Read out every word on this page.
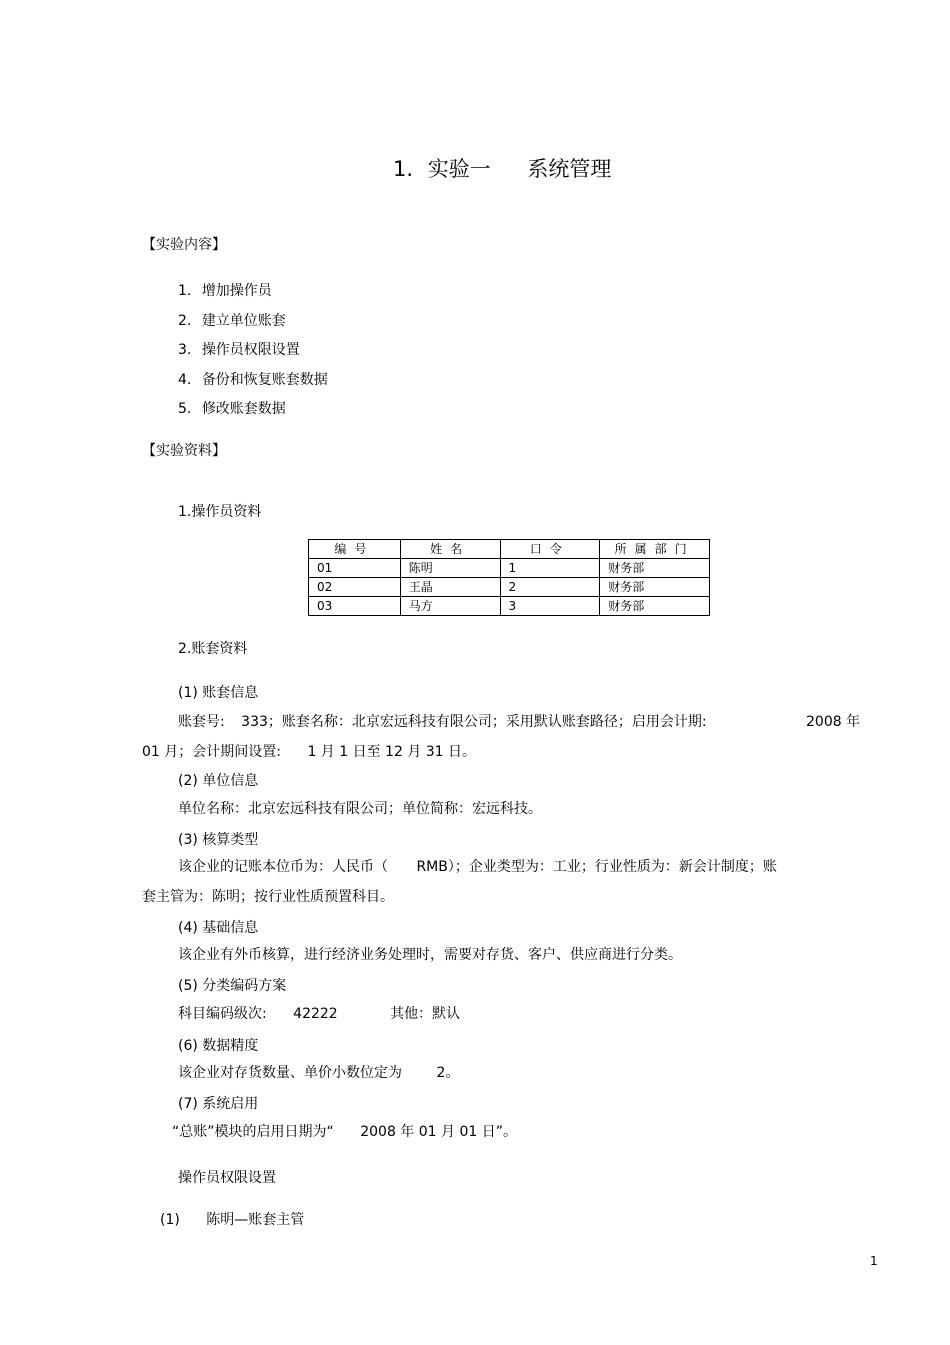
1. 实验一 系统管理
【实验内容】
1. 增加操作员
2. 建立单位账套
3. 操作员权限设置
4. 备份和恢复账套数据
5. 修改账套数据
【实验资料】
1.操作员资料
编号	姓名	口令	所属部门
01	陈明	1	财务部
02	王晶	2	财务部
03	马方	3	财务部
2.账套资料
(1) 账套信息
账套号: 333；账套名称：北京宏远科技有限公司；采用默认账套路径；启用会计期:	2008 年
01 月；会计期间设置: 1 月 1 日至 12 月 31 日。
(2) 单位信息
单位名称：北京宏远科技有限公司；单位简称：宏远科技。
(3) 核算类型
该企业的记账本位币为：人民币（ RMB）；企业类型为：工业；行业性质为：新会计制度；账
套主管为：陈明；按行业性质预置科目。
(4) 基础信息
该企业有外币核算，进行经济业务处理时，需要对存货、客户、供应商进行分类。
(5) 分类编码方案
科目编码级次: 42222	其他：默认
(6) 数据精度
该企业对存货数量、单价小数位定为 2。
(7) 系统启用
“总账”模块的启用日期为“ 2008 年 01 月 01 日”。
操作员权限设置
(1) 陈明—账套主管
1
